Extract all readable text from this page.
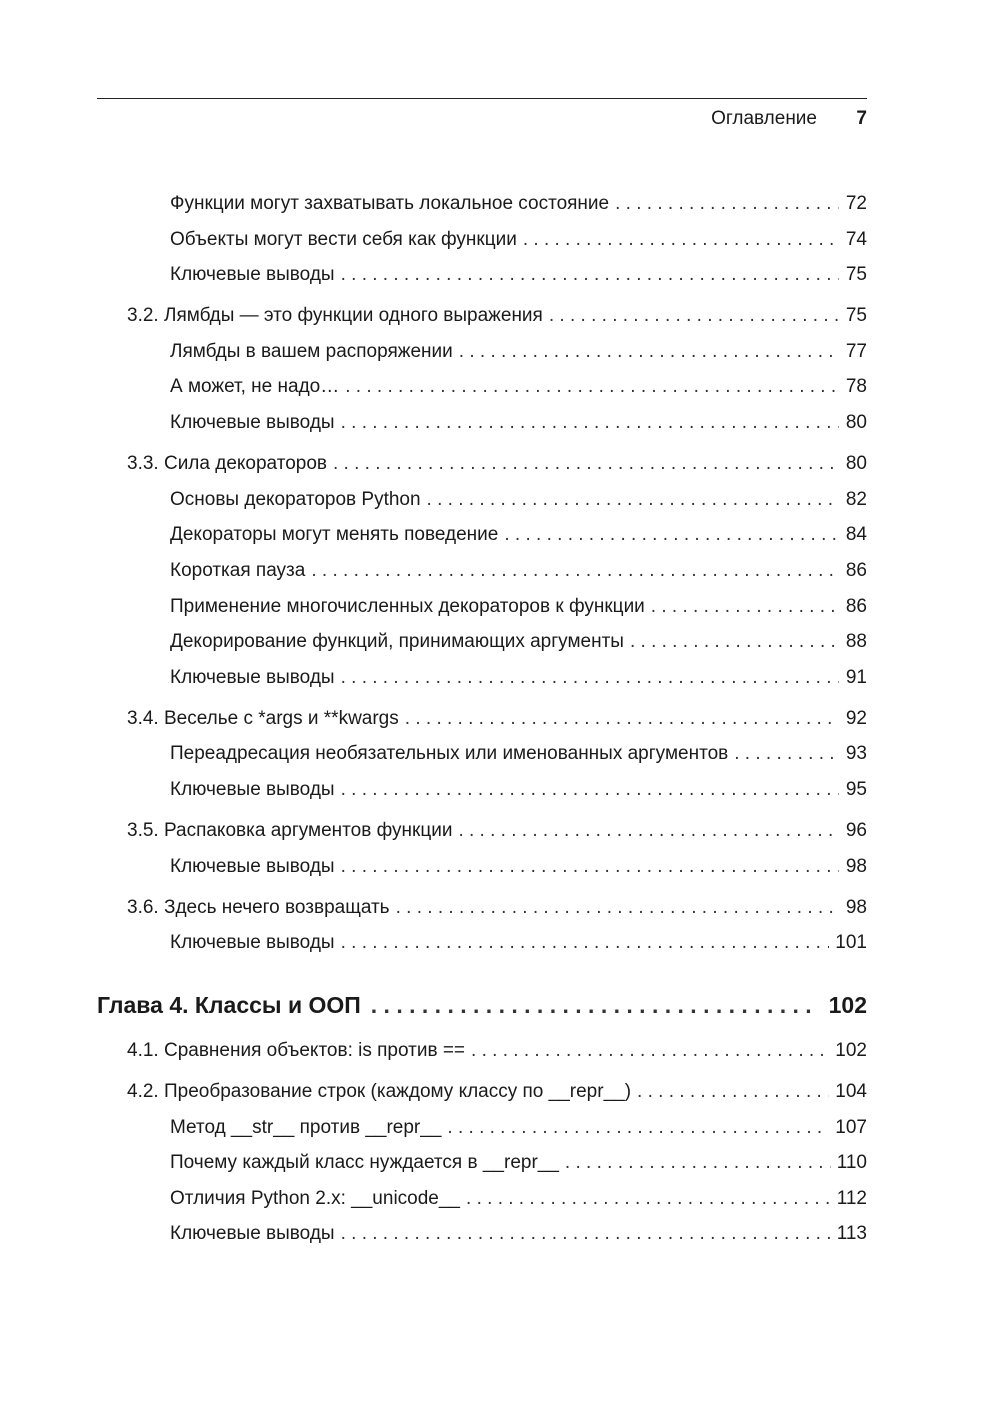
Оглавление 7
Функции могут захватывать локальное состояние . . .	72
Объекты могут вести себя как функции . . .	74
Ключевые выводы . . .	75
3.2. Лямбды — это функции одного выражения . . .	75
Лямбды в вашем распоряжении . . .	77
А может, не надо… . . .	78
Ключевые выводы . . .	80
3.3. Сила декораторов . . .	80
Основы декораторов Python . . .	82
Декораторы могут менять поведение . . .	84
Короткая пауза . . .	86
Применение многочисленных декораторов к функции . . .	86
Декорирование функций, принимающих аргументы . . .	88
Ключевые выводы . . .	91
3.4. Веселье с *args и **kwargs . . .	92
Переадресация необязательных или именованных аргументов . . .	93
Ключевые выводы . . .	95
3.5. Распаковка аргументов функции . . .	96
Ключевые выводы . . .	98
3.6. Здесь нечего возвращать . . .	98
Ключевые выводы . . .	101
Глава 4. Классы и ООП . . .	102
4.1. Сравнения объектов: is против == . . .	102
4.2. Преобразование строк (каждому классу по __repr__) . . .	104
Метод __str__ против __repr__ . . .	107
Почему каждый класс нуждается в __repr__ . . .	110
Отличия Python 2.x: __unicode__ . . .	112
Ключевые выводы . . .	113
